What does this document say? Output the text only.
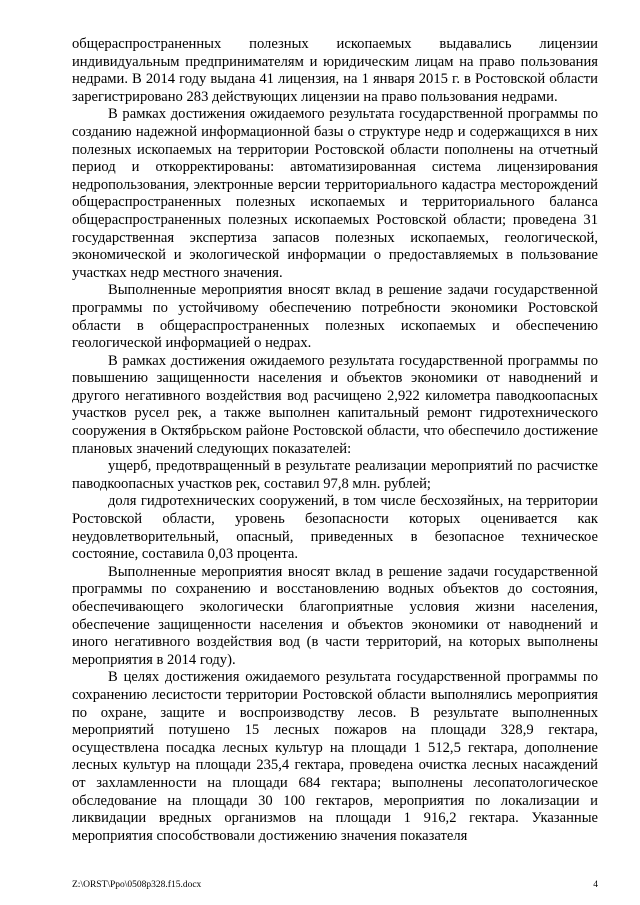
общераспространенных полезных ископаемых выдавались лицензии индивидуальным предпринимателям и юридическим лицам на право пользования недрами. В 2014 году выдана 41 лицензия, на 1 января 2015 г. в Ростовской области зарегистрировано 283 действующих лицензии на право пользования недрами.

В рамках достижения ожидаемого результата государственной программы по созданию надежной информационной базы о структуре недр и содержащихся в них полезных ископаемых на территории Ростовской области пополнены на отчетный период и откорректированы: автоматизированная система лицензирования недропользования, электронные версии территориального кадастра месторождений общераспространенных полезных ископаемых и территориального баланса общераспространенных полезных ископаемых Ростовской области; проведена 31 государственная экспертиза запасов полезных ископаемых, геологической, экономической и экологической информации о предоставляемых в пользование участках недр местного значения.

Выполненные мероприятия вносят вклад в решение задачи государственной программы по устойчивому обеспечению потребности экономики Ростовской области в общераспространенных полезных ископаемых и обеспечению геологической информацией о недрах.

В рамках достижения ожидаемого результата государственной программы по повышению защищенности населения и объектов экономики от наводнений и другого негативного воздействия вод расчищено 2,922 километра паводкоопасных участков русел рек, а также выполнен капитальный ремонт гидротехнического сооружения в Октябрьском районе Ростовской области, что обеспечило достижение плановых значений следующих показателей:

ущерб, предотвращенный в результате реализации мероприятий по расчистке паводкоопасных участков рек, составил 97,8 млн. рублей;

доля гидротехнических сооружений, в том числе бесхозяйных, на территории Ростовской области, уровень безопасности которых оценивается как неудовлетворительный, опасный, приведенных в безопасное техническое состояние, составила 0,03 процента.

Выполненные мероприятия вносят вклад в решение задачи государственной программы по сохранению и восстановлению водных объектов до состояния, обеспечивающего экологически благоприятные условия жизни населения, обеспечение защищенности населения и объектов экономики от наводнений и иного негативного воздействия вод (в части территорий, на которых выполнены мероприятия в 2014 году).

В целях достижения ожидаемого результата государственной программы по сохранению лесистости территории Ростовской области выполнялись мероприятия по охране, защите и воспроизводству лесов. В результате выполненных мероприятий потушено 15 лесных пожаров на площади 328,9 гектара, осуществлена посадка лесных культур на площади 1 512,5 гектара, дополнение лесных культур на площади 235,4 гектара, проведена очистка лесных насаждений от захламленности на площади 684 гектара; выполнены лесопатологическое обследование на площади 30 100 гектаров, мероприятия по локализации и ликвидации вредных организмов на площади 1 916,2 гектара. Указанные мероприятия способствовали достижению значения показателя

Z:\ORST\Ppo\0508p328.f15.docx	4
